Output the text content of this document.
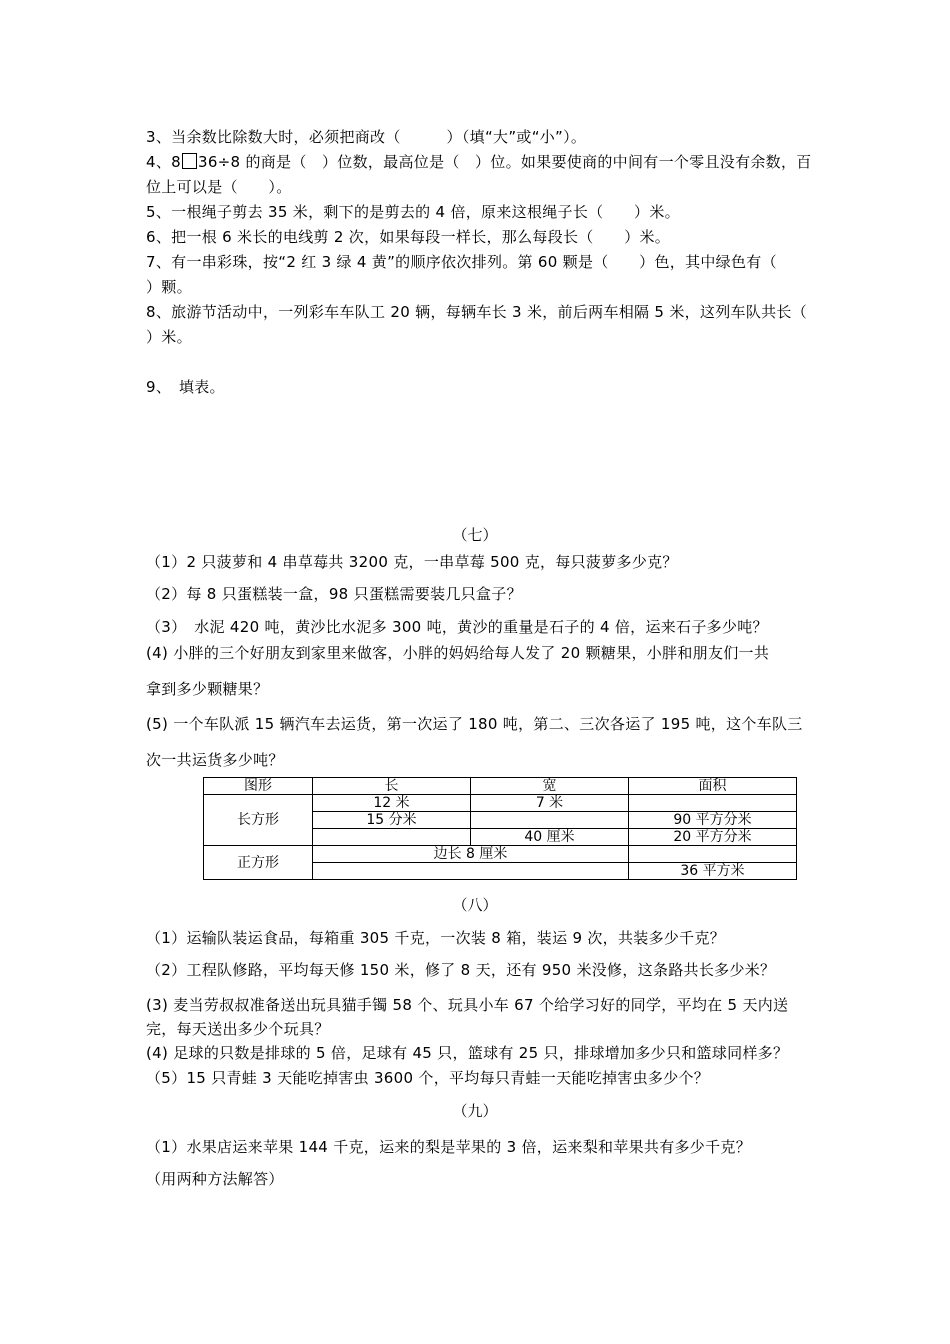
3、当余数比除数大时，必须把商改（　　　）（填“大”或“小”）。
4、8 36÷8 的商是（　）位数，最高位是（　）位。如果要使商的中间有一个零且没有余数，百
位上可以是（　　）。
5、一根绳子剪去 35 米，剩下的是剪去的 4 倍，原来这根绳子长（　　）米。
6、把一根 6 米长的电线剪 2 次，如果每段一样长，那么每段长（　　）米。
7、有一串彩珠，按“2 红 3 绿 4 黄”的顺序依次排列。第 60 颗是（　　）色，其中绿色有（
）颗。
8、旅游节活动中，一列彩车车队工 20 辆，每辆车长 3 米，前后两车相隔 5 米，这列车队共长（
）米。
9、　填表。
（七）
（1）2 只菠萝和 4 串草莓共 3200 克，一串草莓 500 克，每只菠萝多少克？
（2）每 8 只蛋糕装一盒，98 只蛋糕需要装几只盒子？
（3）　水泥 420 吨，黄沙比水泥多 300 吨，黄沙的重量是石子的 4 倍，运来石子多少吨？
(4) 小胖的三个好朋友到家里来做客，小胖的妈妈给每人发了 20 颗糖果，小胖和朋友们一共
拿到多少颗糖果？
(5) 一个车队派 15 辆汽车去运货，第一次运了 180 吨，第二、三次各运了 195 吨，这个车队三
次一共运货多少吨？
图形	长	宽	面积
长方形	12 米	7 米	
	15 分米		90 平方分米
		40 厘米	20 平方分米
正方形	边长 8 厘米		
			36 平方米
（八）
（1）运输队装运食品，每箱重 305 千克，一次装 8 箱，装运 9 次，共装多少千克？
（2）工程队修路，平均每天修 150 米，修了 8 天，还有 950 米没修，这条路共长多少米？
(3) 麦当劳叔叔准备送出玩具猫手镯 58 个、玩具小车 67 个给学习好的同学，平均在 5 天内送
完，每天送出多少个玩具？
(4) 足球的只数是排球的 5 倍，足球有 45 只，篮球有 25 只，排球增加多少只和篮球同样多？
（5）15 只青蛙 3 天能吃掉害虫 3600 个，平均每只青蛙一天能吃掉害虫多少个？
（九）
（1）水果店运来苹果 144 千克，运来的梨是苹果的 3 倍，运来梨和苹果共有多少千克？
（用两种方法解答）
